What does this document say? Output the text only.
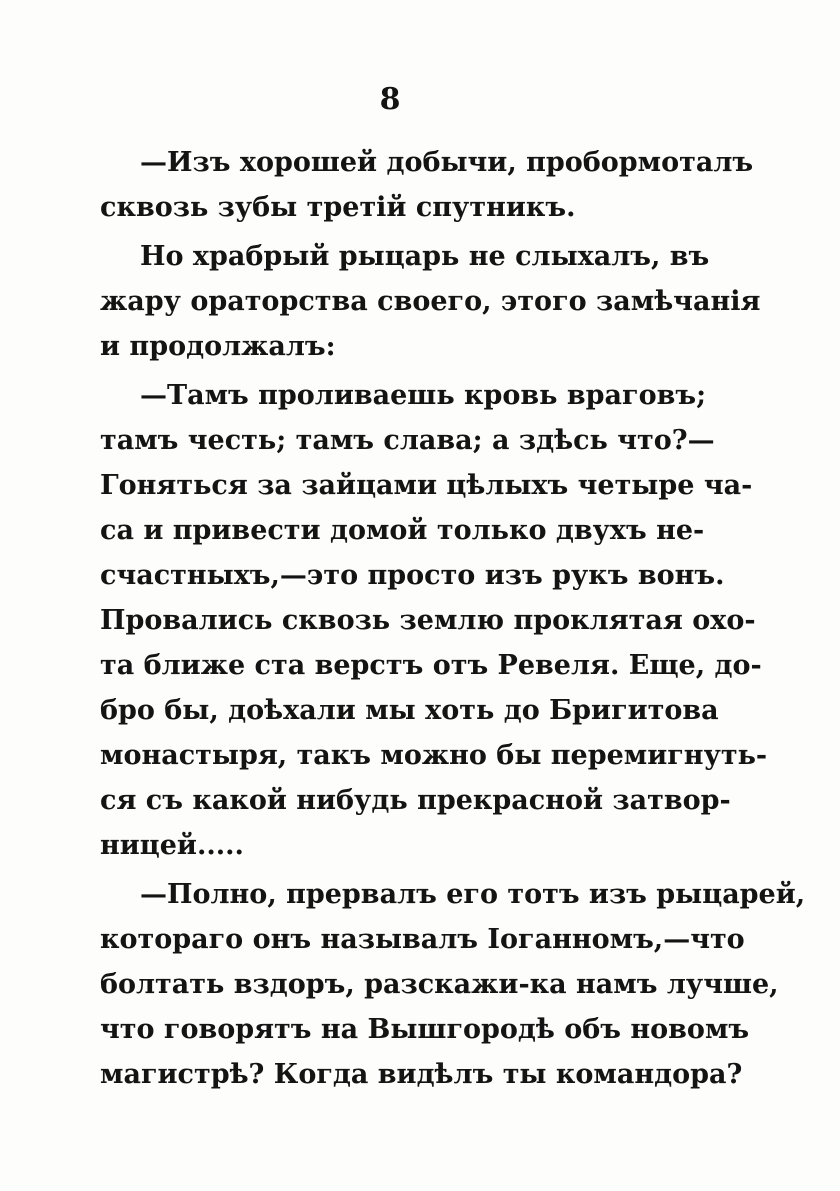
8
—Изъ хорошей добычи, пробормоталъ
сквозь зубы третій спутникъ.
Но храбрый рыцарь не слыхалъ, въ
жару ораторства своего, этого замѣчанія
и продолжалъ:
—Тамъ проливаешь кровь враговъ;
тамъ честь; тамъ слава; а здѣсь что?—
Гоняться за зайцами цѣлыхъ четыре ча-
са и привести домой только двухъ не-
счастныхъ,—это просто изъ рукъ вонъ.
Провались сквозь землю проклятая охо-
та ближе ста верстъ отъ Ревеля. Еще, до-
бро бы, доѣхали мы хоть до Бригитова
монастыря, такъ можно бы перемигнуть-
ся съ какой нибудь прекрасной затвор-
ницей.....
—Полно, прервалъ его тотъ изъ рыцарей,
котораго онъ называлъ Іоганномъ,—что
болтать вздоръ, разскажи-ка намъ лучше,
что говорятъ на Вышгородѣ объ новомъ
магистрѣ? Когда видѣлъ ты командора?
